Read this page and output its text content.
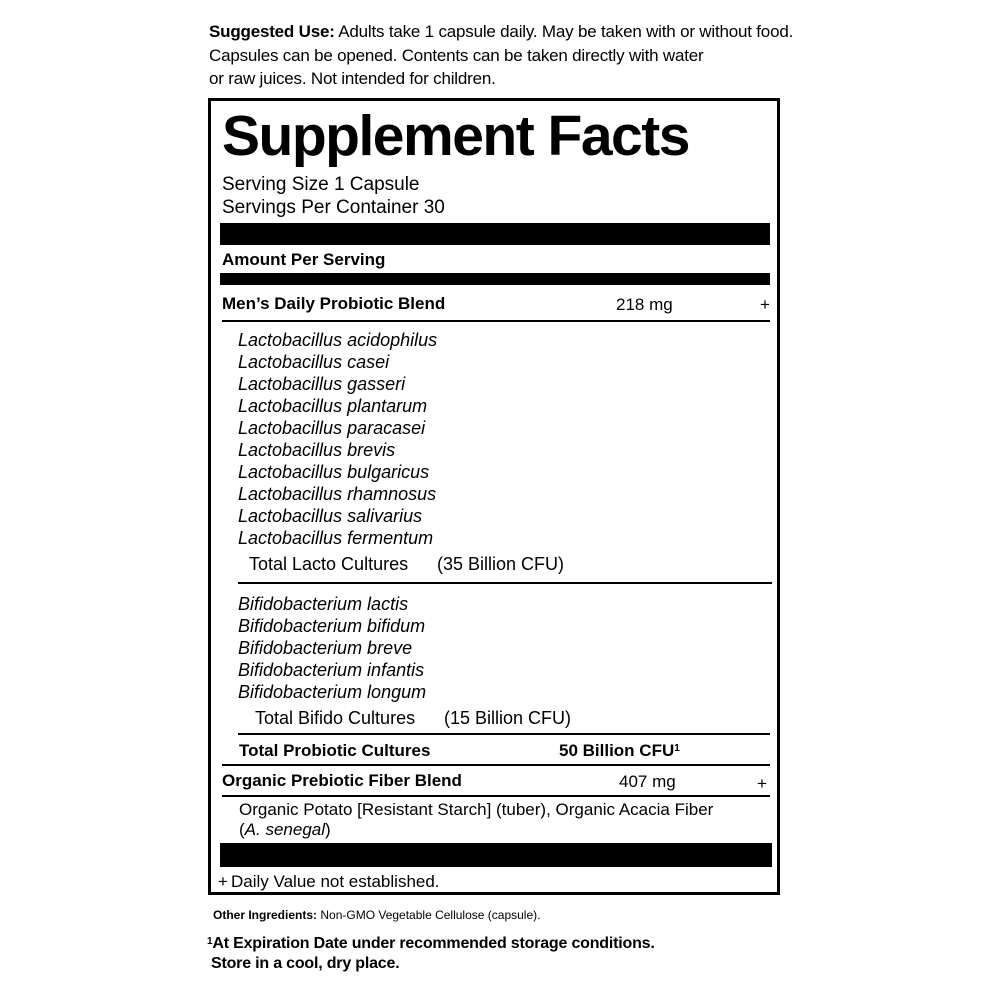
Suggested Use: Adults take 1 capsule daily. May be taken with or without food.
Capsules can be opened. Contents can be taken directly with water
or raw juices. Not intended for children.
Supplement Facts
Serving Size 1 Capsule
Servings Per Container 30
Amount Per Serving
Men’s Daily Probiotic Blend	218 mg	+
Lactobacillus acidophilus
Lactobacillus casei
Lactobacillus gasseri
Lactobacillus plantarum
Lactobacillus paracasei
Lactobacillus brevis
Lactobacillus bulgaricus
Lactobacillus rhamnosus
Lactobacillus salivarius
Lactobacillus fermentum
Total Lacto Cultures (35 Billion CFU)
Bifidobacterium lactis
Bifidobacterium bifidum
Bifidobacterium breve
Bifidobacterium infantis
Bifidobacterium longum
Total Bifido Cultures (15 Billion CFU)
Total Probiotic Cultures	50 Billion CFU$^1$
Organic Prebiotic Fiber Blend	407 mg	+
Organic Potato [Resistant Starch] (tuber), Organic Acacia Fiber
(A. senegal)
+ Daily Value not established.
Other Ingredients: Non-GMO Vegetable Cellulose (capsule).
$^1$At Expiration Date under recommended storage conditions.
Store in a cool, dry place.
